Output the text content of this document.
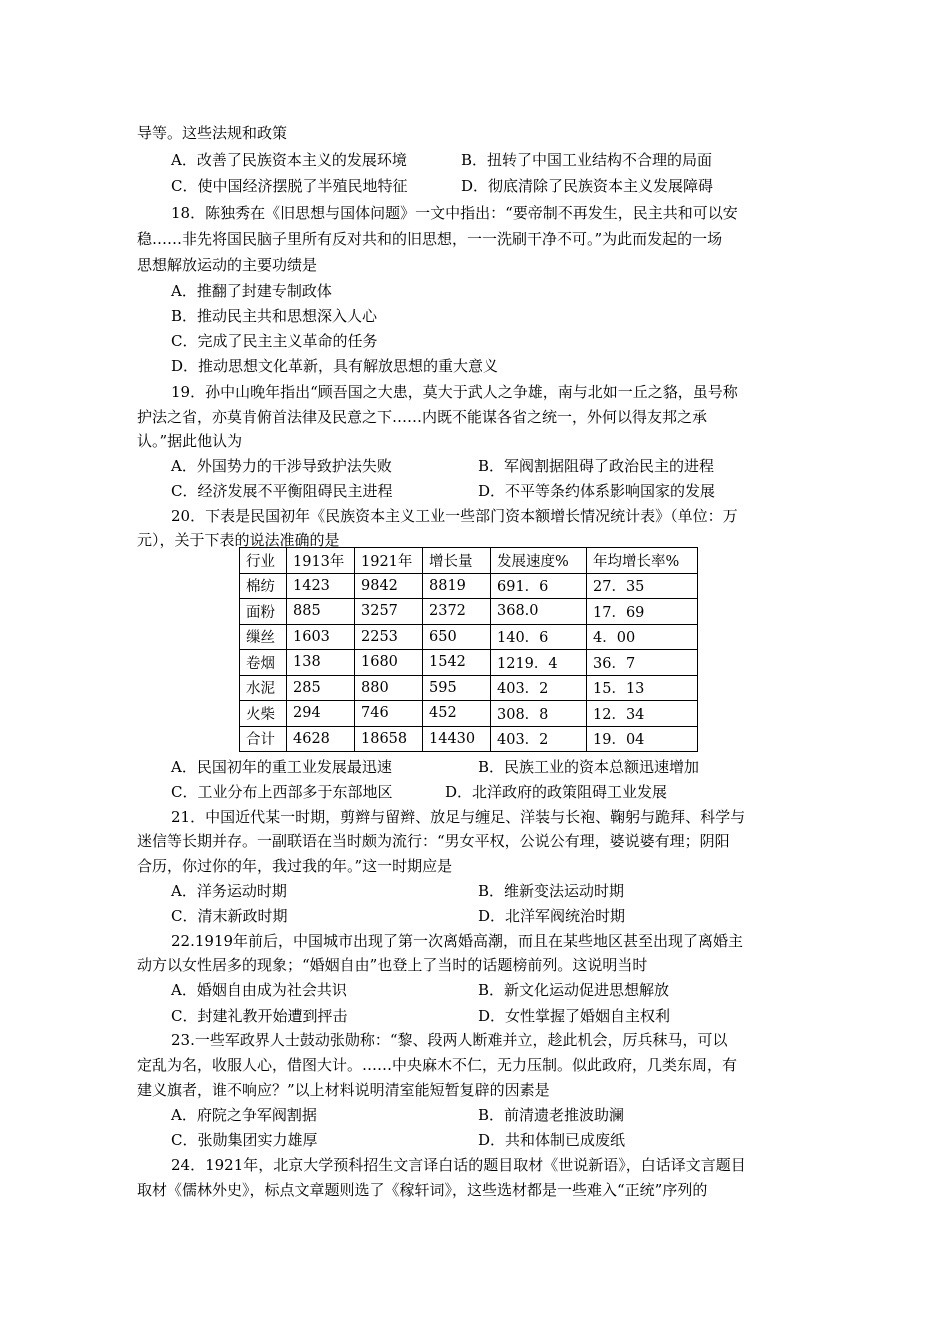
导等。这些法规和政策
A．改善了民族资本主义的发展环境	B．扭转了中国工业结构不合理的局面
C．使中国经济摆脱了半殖民地特征	D．彻底清除了民族资本主义发展障碍
18．陈独秀在《旧思想与国体问题》一文中指出：“要帝制不再发生，民主共和可以安
稳……非先将国民脑子里所有反对共和的旧思想，一一洗刷干净不可。”为此而发起的一场
思想解放运动的主要功绩是
A．推翻了封建专制政体
B．推动民主共和思想深入人心
C．完成了民主主义革命的任务
D．推动思想文化革新，具有解放思想的重大意义
19．孙中山晚年指出“顾吾国之大患，莫大于武人之争雄，南与北如一丘之貉，虽号称
护法之省，亦莫肯俯首法律及民意之下……内既不能谋各省之统一，外何以得友邦之承
认。”据此他认为
A．外国势力的干涉导致护法失败	B．军阀割据阻碍了政治民主的进程
C．经济发展不平衡阻碍民主进程	D．不平等条约体系影响国家的发展
20．下表是民国初年《民族资本主义工业一些部门资本额增长情况统计表》（单位：万
元），关于下表的说法准确的是
行业	1913年	1921年	增长量	发展速度%	年均增长率%
棉纺	1423	9842	8819	691．6	27．35
面粉	885	3257	2372	368.0	17．69
缫丝	1603	2253	650	140．6	4．00
卷烟	138	1680	1542	1219．4	36．7
水泥	285	880	595	403．2	15．13
火柴	294	746	452	308．8	12．34
合计	4628	18658	14430	403．2	19．04
A．民国初年的重工业发展最迅速	B．民族工业的资本总额迅速增加
C．工业分布上西部多于东部地区	D．北洋政府的政策阻碍工业发展
21．中国近代某一时期，剪辫与留辫、放足与缠足、洋装与长袍、鞠躬与跪拜、科学与
迷信等长期并存。一副联语在当时颇为流行：“男女平权，公说公有理，婆说婆有理；阴阳
合历，你过你的年，我过我的年。”这一时期应是
A．洋务运动时期	B．维新变法运动时期
C．清末新政时期	D．北洋军阀统治时期
22.1919年前后，中国城市出现了第一次离婚高潮，而且在某些地区甚至出现了离婚主
动方以女性居多的现象；“婚姻自由”也登上了当时的话题榜前列。这说明当时
A．婚姻自由成为社会共识	B．新文化运动促进思想解放
C．封建礼教开始遭到抨击	D．女性掌握了婚姻自主权利
23.一些军政界人士鼓动张勋称：“黎、段两人断难并立，趁此机会，厉兵秣马，可以
定乱为名，收服人心，借图大计。……中央麻木不仁，无力压制。似此政府，几类东周，有
建义旗者，谁不响应？”以上材料说明清室能短暂复辟的因素是
A．府院之争军阀割据	B．前清遗老推波助澜
C．张勋集团实力雄厚	D．共和体制已成废纸
24．1921年，北京大学预科招生文言译白话的题目取材《世说新语》，白话译文言题目
取材《儒林外史》，标点文章题则选了《稼轩词》，这些选材都是一些难入“正统”序列的
